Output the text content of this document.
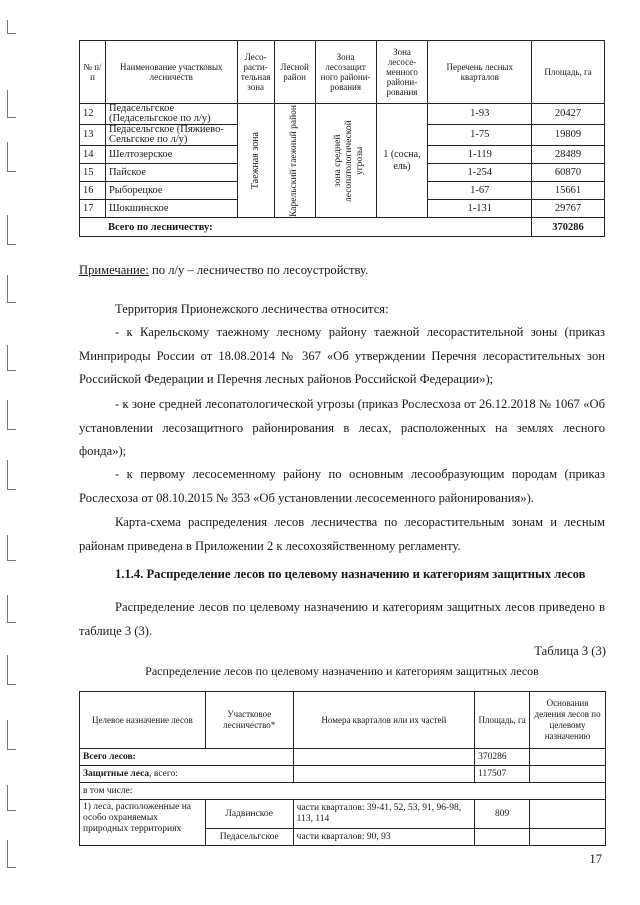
№ п/п	Наименование участковых лесничеств	Лесо-расти-тельная зона	Лесной район	Зона лесозащит ного райони-рования	Зона лесосе-менного райони-рования	Перечень лесных кварталов	Площадь, га
12	Педасельгское (Педасельгское по л/у)	Таежная зона	Карельский таежный район	зона средней лесопатологической угрозы	1 (сосна, ель)	1-93	20427
13	Педасельгское (Пяжиево-Сельгское по л/у)					1-75	19809
14	Шелтозерское					1-119	28489
15	Пайское					1-254	60870
16	Рыборецкое					1-67	15661
17	Шокшинское					1-131	29767
Всего по лесничеству:							370286
Примечание: по л/у – лесничество по лесоустройству.
Территория Прионежского лесничества относится:
- к Карельскому таежному лесному району таежной лесорастительной зоны (приказ Минприроды России от 18.08.2014 № 367 «Об утверждении Перечня лесорастительных зон Российской Федерации и Перечня лесных районов Российской Федерации»);
- к зоне средней лесопатологической угрозы (приказ Рослесхоза от 26.12.2018 № 1067 «Об установлении лесозащитного районирования в лесах, расположенных на землях лесного фонда»);
- к первому лесосеменному району по основным лесообразующим породам (приказ Рослесхоза от 08.10.2015 № 353 «Об установлении лесосеменного районирования»).
Карта-схема распределения лесов лесничества по лесорастительным зонам и лесным районам приведена в Приложении 2 к лесохозяйственному регламенту.
1.1.4. Распределение лесов по целевому назначению и категориям защитных лесов
Распределение лесов по целевому назначению и категориям защитных лесов приведено в таблице 3 (3).
Таблица 3 (3)
Распределение лесов по целевому назначению и категориям защитных лесов
Целевое назначение лесов	Участковое лесничество*	Номера кварталов или их частей	Площадь, га	Основания деления лесов по целевому назначению
Всего лесов:			370286	
Защитные леса, всего:			117507	
в том числе:				
1) леса, расположенные на особо охраняемых природных территориях	Ладвинское	части кварталов: 39-41, 52, 53, 91, 96-98, 113, 114	809	
	Педасельгское	части кварталов: 90, 93		
17
